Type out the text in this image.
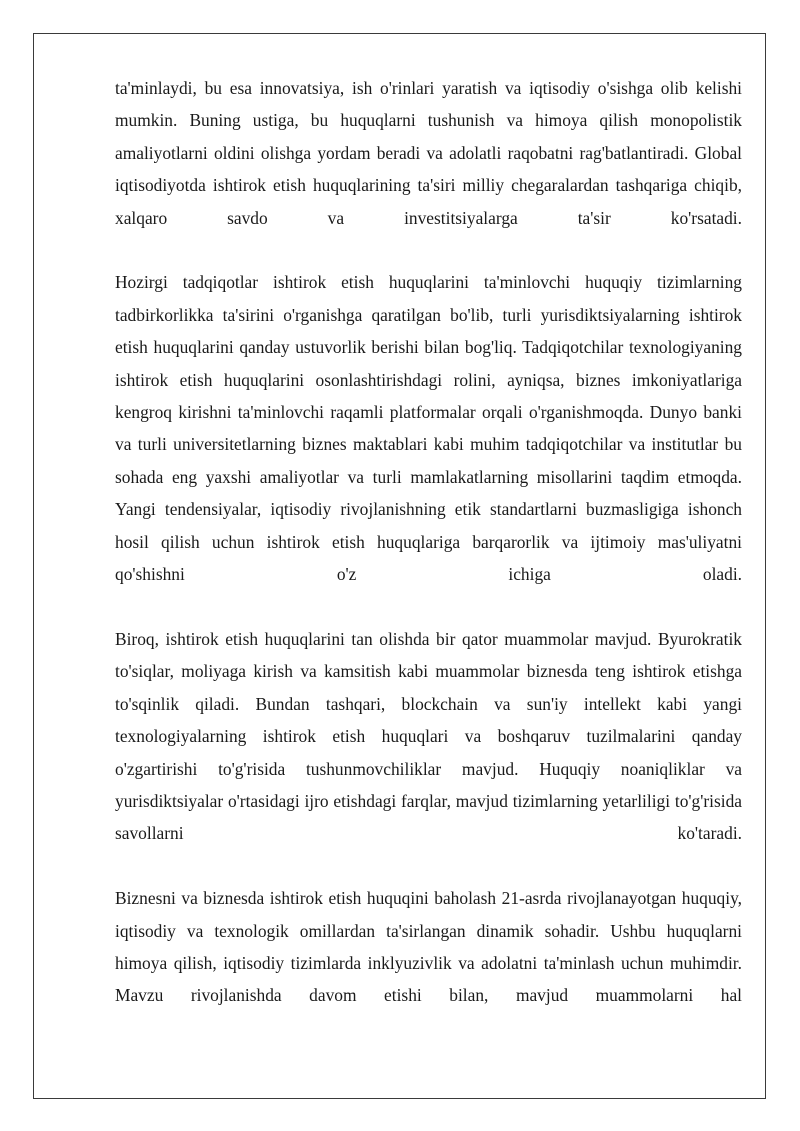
ta'minlaydi, bu esa innovatsiya, ish o'rinlari yaratish va iqtisodiy o'sishga olib kelishi mumkin. Buning ustiga, bu huquqlarni tushunish va himoya qilish monopolistik amaliyotlarni oldini olishga yordam beradi va adolatli raqobatni rag'batlantiradi. Global iqtisodiyotda ishtirok etish huquqlarining ta'siri milliy chegaralardan tashqariga chiqib, xalqaro savdo va investitsiyalarga ta'sir ko'rsatadi.

Hozirgi tadqiqotlar ishtirok etish huquqlarini ta'minlovchi huquqiy tizimlarning tadbirkorlikka ta'sirini o'rganishga qaratilgan bo'lib, turli yurisdiktsiyalarning ishtirok etish huquqlarini qanday ustuvorlik berishi bilan bog'liq. Tadqiqotchilar texnologiyaning ishtirok etish huquqlarini osonlashtirishdagi rolini, ayniqsa, biznes imkoniyatlariga kengroq kirishni ta'minlovchi raqamli platformalar orqali o'rganishmoqda. Dunyo banki va turli universitetlarning biznes maktablari kabi muhim tadqiqotchilar va institutlar bu sohada eng yaxshi amaliyotlar va turli mamlakatlarning misollarini taqdim etmoqda. Yangi tendensiyalar, iqtisodiy rivojlanishning etik standartlarni buzmasligiga ishonch hosil qilish uchun ishtirok etish huquqlariga barqarorlik va ijtimoiy mas'uliyatni qo'shishni o'z ichiga oladi.

Biroq, ishtirok etish huquqlarini tan olishda bir qator muammolar mavjud. Byurokratik to'siqlar, moliyaga kirish va kamsitish kabi muammolar biznesda teng ishtirok etishga to'sqinlik qiladi. Bundan tashqari, blockchain va sun'iy intellekt kabi yangi texnologiyalarning ishtirok etish huquqlari va boshqaruv tuzilmalarini qanday o'zgartirishi to'g'risida tushunmovchiliklar mavjud. Huquqiy noaniqliklar va yurisdiktsiyalar o'rtasidagi ijro etishdagi farqlar, mavjud tizimlarning yetarliligi to'g'risida savollarni ko'taradi.

Biznesni va biznesda ishtirok etish huquqini baholash 21-asrda rivojlanayotgan huquqiy, iqtisodiy va texnologik omillardan ta'sirlangan dinamik sohadir. Ushbu huquqlarni himoya qilish, iqtisodiy tizimlarda inklyuzivlik va adolatni ta'minlash uchun muhimdir. Mavzu rivojlanishda davom etishi bilan, mavjud muammolarni hal
